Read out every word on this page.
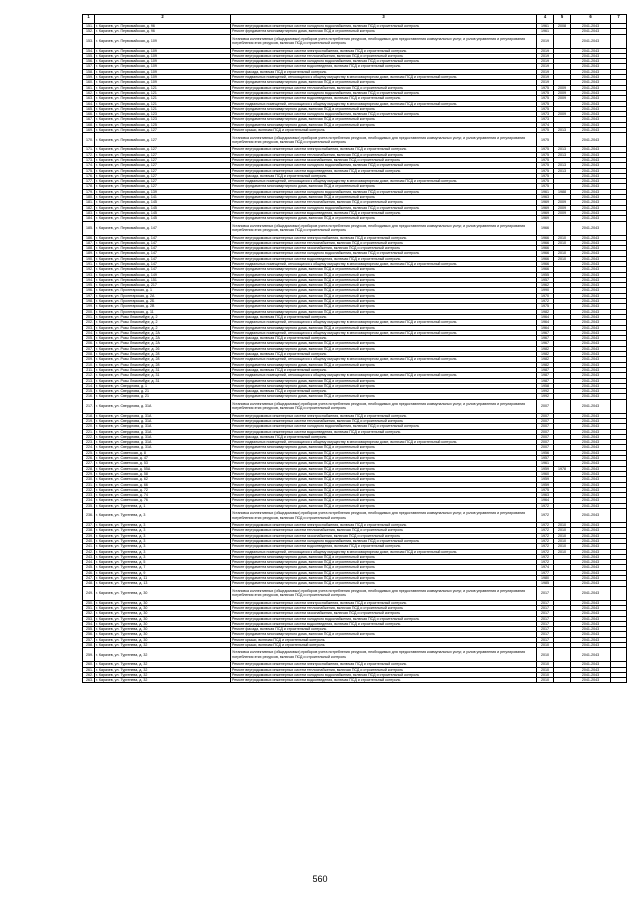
1	2	3	4	5	6	7
151.	г. Карачев, ул. Первомайская, д. 96	Ремонт внутридомовых инженерных систем холодного водоснабжения, включая ПСД и строительный контроль	1961	2008	2041-2043	
152.	г. Карачев, ул. Первомайская, д. 96	Ремонт фундамента многоквартирного дома, включая ПСД и строительный контроль	1961		2041-2043	
153.	г. Карачев, ул. Первомайская, д. 109	Установка коллективных (общедомовых) приборов учета потребления ресурсов, необходимых для предоставления коммунальных услуг, и узлов управления и регулирования потребления этих ресурсов, включая ПСД и строительный контроль	2019		2041-2043	
154.	г. Карачев, ул. Первомайская, д. 109	Ремонт внутридомовых инженерных систем электроснабжения, включая ПСД и строительный контроль	2019		2041-2043	
155.	г. Карачев, ул. Первомайская, д. 109	Ремонт внутридомовых инженерных систем теплоснабжения, включая ПСД и строительный контроль	2019		2041-2043	
156.	г. Карачев, ул. Первомайская, д. 109	Ремонт внутридомовых инженерных систем холодного водоснабжения, включая ПСД и строительный контроль	2019		2041-2043	
157.	г. Карачев, ул. Первомайская, д. 109	Ремонт внутридомовых инженерных систем водоотведения, включая ПСД и строительный контроль	2019		2041-2043	
158.	г. Карачев, ул. Первомайская, д. 109	Ремонт фасада, включая ПСД и строительный контроль	2019		2041-2043	
159.	г. Карачев, ул. Первомайская, д. 109	Ремонт подвальных помещений, относящихся к общему имуществу в многоквартирном доме, включая ПСД и строительный контроль	2019		2041-2043	
160.	г. Карачев, ул. Первомайская, д. 109	Ремонт фундамента многоквартирного дома, включая ПСД и строительный контроль	2019		2041-2043	
161.	г. Карачев, ул. Первомайская, д. 121	Ремонт внутридомовых инженерных систем теплоснабжения, включая ПСД и строительный контроль	1975	2009	2041-2043	
162.	г. Карачев, ул. Первомайская, д. 121	Ремонт внутридомовых инженерных систем холодного водоснабжения, включая ПСД и строительный контроль	1975	2009	2041-2043	
163.	г. Карачев, ул. Первомайская, д. 121	Ремонт внутридомовых инженерных систем водоотведения, включая ПСД и строительный контроль	1975	2009	2041-2043	
164.	г. Карачев, ул. Первомайская, д. 121	Ремонт подвальных помещений, относящихся к общему имуществу в многоквартирном доме, включая ПСД и строительный контроль	1975		2041-2043	
165.	г. Карачев, ул. Первомайская, д. 121	Ремонт фундамента многоквартирного дома, включая ПСД и строительный контроль	1975		2041-2043	
166.	г. Карачев, ул. Первомайская, д. 123	Ремонт внутридомовых инженерных систем холодного водоснабжения, включая ПСД и строительный контроль	1973	2009	2041-2043	
167.	г. Карачев, ул. Первомайская, д. 123	Ремонт фундамента многоквартирного дома, включая ПСД и строительный контроль	1973		2041-2043	
168.	г. Карачев, ул. Первомайская, д. 125	Ремонт фундамента многоквартирного дома, включая ПСД и строительный контроль	1974		2041-2043	
169.	г. Карачев, ул. Первомайская, д. 127	Ремонт крыши, включая ПСД и строительный контроль	1975	2013	2041-2043	
170.	г. Карачев, ул. Первомайская, д. 127	Установка коллективных (общедомовых) приборов учета потребления ресурсов, необходимых для предоставления коммунальных услуг, и узлов управления и регулирования потребления этих ресурсов, включая ПСД и строительный контроль	1975		2041-2043	
171.	г. Карачев, ул. Первомайская, д. 127	Ремонт внутридомовых инженерных систем электроснабжения, включая ПСД и строительный контроль	1975	2013	2041-2043	
172.	г. Карачев, ул. Первомайская, д. 127	Ремонт внутридомовых инженерных систем теплоснабжения, включая ПСД и строительный контроль	1975	2013	2041-2043	
173.	г. Карачев, ул. Первомайская, д. 127	Ремонт внутридомовых инженерных систем газоснабжения, включая ПСД и строительный контроль	1975		2041-2043	
174.	г. Карачев, ул. Первомайская, д. 127	Ремонт внутридомовых инженерных систем холодного водоснабжения, включая ПСД и строительный контроль	1975	2013	2041-2043	
175.	г. Карачев, ул. Первомайская, д. 127	Ремонт внутридомовых инженерных систем водоотведения, включая ПСД и строительный контроль	1975	2013	2041-2043	
176.	г. Карачев, ул. Первомайская, д. 127	Ремонт фасада, включая ПСД и строительный контроль	1975		2041-2043	
177.	г. Карачев, ул. Первомайская, д. 127	Ремонт подвальных помещений, относящихся к общему имуществу в многоквартирном доме, включая ПСД и строительный контроль	1975		2041-2043	
178.	г. Карачев, ул. Первомайская, д. 127	Ремонт фундамента многоквартирного дома, включая ПСД и строительный контроль	1975		2041-2043	
179.	г. Карачев, ул. Первомайская, д. 139	Ремонт внутридомовых инженерных систем холодного водоснабжения, включая ПСД и строительный контроль	1961	1988	2041-2043	
180.	г. Карачев, ул. Первомайская, д. 141	Ремонт фундамента многоквартирного дома, включая ПСД и строительный контроль	1963		2041-2043	
181.	г. Карачев, ул. Первомайская, д. 145	Ремонт внутридомовых инженерных систем теплоснабжения, включая ПСД и строительный контроль	1969	2009	2041-2043	
182.	г. Карачев, ул. Первомайская, д. 145	Ремонт внутридомовых инженерных систем холодного водоснабжения, включая ПСД и строительный контроль	1969	2009	2041-2043	
183.	г. Карачев, ул. Первомайская, д. 145	Ремонт внутридомовых инженерных систем водоотведения, включая ПСД и строительный контроль	1969	2009	2041-2043	
184.	г. Карачев, ул. Первомайская, д. 145	Ремонт фундамента многоквартирного дома, включая ПСД и строительный контроль	1969		2041-2043	
185.	г. Карачев, ул. Первомайская, д. 147	Установка коллективных (общедомовых) приборов учета потребления ресурсов, необходимых для предоставления коммунальных услуг, и узлов управления и регулирования потребления этих ресурсов, включая ПСД и строительный контроль	1966		2041-2043	
186.	г. Карачев, ул. Первомайская, д. 147	Ремонт внутридомовых инженерных систем электроснабжения, включая ПСД и строительный контроль	1966	2010	2041-2043	
187.	г. Карачев, ул. Первомайская, д. 147	Ремонт внутридомовых инженерных систем теплоснабжения, включая ПСД и строительный контроль	1966	2010	2041-2043	
188.	г. Карачев, ул. Первомайская, д. 147	Ремонт внутридомовых инженерных систем газоснабжения, включая ПСД и строительный контроль	1966		2041-2043	
189.	г. Карачев, ул. Первомайская, д. 147	Ремонт внутридомовых инженерных систем холодного водоснабжения, включая ПСД и строительный контроль	1966	2010	2041-2043	
190.	г. Карачев, ул. Первомайская, д. 147	Ремонт внутридомовых инженерных систем водоотведения, включая ПСД и строительный контроль	1966	2010	2041-2043	
191.	г. Карачев, ул. Первомайская, д. 147	Ремонт подвальных помещений, относящихся к общему имуществу в многоквартирном доме, включая ПСД и строительный контроль	1966		2041-2043	
192.	г. Карачев, ул. Первомайская, д. 147	Ремонт фундамента многоквартирного дома, включая ПСД и строительный контроль	1966		2041-2043	
193.	г. Карачев, ул. Первомайская, д. 149	Ремонт фундамента многоквартирного дома, включая ПСД и строительный контроль	1955		2041-2043	
194.	г. Карачев, ул. Первомайская, д. 151	Ремонт фундамента многоквартирного дома, включая ПСД и строительный контроль	1957		2041-2043	
195.	г. Карачев, ул. Первомайская, д. 217	Ремонт фундамента многоквартирного дома, включая ПСД и строительный контроль	1962		2041-2043	
196.	г. Карачев, ул. Пролетарская, д. 1	Ремонт фундамента многоквартирного дома, включая ПСД и строительный контроль	1990		2041-2043	
197.	г. Карачев, ул. Пролетарская, д. 2А	Ремонт фундамента многоквартирного дома, включая ПСД и строительный контроль	1970		2041-2043	
198.	г. Карачев, ул. Пролетарская, д. 2Б	Ремонт фундамента многоквартирного дома, включая ПСД и строительный контроль	1972		2041-2043	
199.	г. Карачев, ул. Пролетарская, д. 2В	Ремонт фундамента многоквартирного дома, включая ПСД и строительный контроль	1975		2041-2043	
200.	г. Карачев, ул. Пролетарская, д. 11	Ремонт фундамента многоквартирного дома, включая ПСД и строительный контроль	1982		2041-2043	
201.	г. Карачев, ул. Розы Люксембург, д. 2	Ремонт фасада, включая ПСД и строительный контроль	1964		2041-2043	
202.	г. Карачев, ул. Розы Люксембург, д. 2	Ремонт подвальных помещений, относящихся к общему имуществу в многоквартирном доме, включая ПСД и строительный контроль	1964		2041-2043	
203.	г. Карачев, ул. Розы Люксембург, д. 2	Ремонт фундамента многоквартирного дома, включая ПСД и строительный контроль	1964		2041-2043	
204.	г. Карачев, ул. Розы Люксембург, д. 2А	Ремонт подвальных помещений, относящихся к общему имуществу в многоквартирном доме, включая ПСД и строительный контроль	1967		2041-2043	
205.	г. Карачев, ул. Розы Люксембург, д. 2А	Ремонт фасада, включая ПСД и строительный контроль	1967		2041-2043	
206.	г. Карачев, ул. Розы Люксембург, д. 2А	Ремонт фундамента многоквартирного дома, включая ПСД и строительный контроль	1967		2041-2043	
207.	г. Карачев, ул. Розы Люксембург, д. 26	Ремонт фундамента многоквартирного дома, включая ПСД и строительный контроль	1982		2041-2043	
208.	г. Карачев, ул. Розы Люксембург, д. 28	Ремонт фасада, включая ПСД и строительный контроль	1982		2041-2043	
209.	г. Карачев, ул. Розы Люксембург, д. 28	Ремонт подвальных помещений, относящихся к общему имуществу в многоквартирном доме, включая ПСД и строительный контроль	1982		2041-2043	
210.	г. Карачев, ул. Розы Люксембург, д. 28	Ремонт фундамента многоквартирного дома, включая ПСД и строительный контроль	1982		2041-2043	
211.	г. Карачев, ул. Розы Люксембург, д. 31	Ремонт фасада, включая ПСД и строительный контроль	1987		2041-2043	
212.	г. Карачев, ул. Розы Люксембург, д. 31	Ремонт подвальных помещений, относящихся к общему имуществу в многоквартирном доме, включая ПСД и строительный контроль	1987		2041-2043	
213.	г. Карачев, ул. Розы Люксембург, д. 31	Ремонт фундамента многоквартирного дома, включая ПСД и строительный контроль	1987		2041-2043	
214.	г. Карачев, ул. Свердлова, д. 1	Ремонт фундамента многоквартирного дома, включая ПСД и строительный контроль	1958		2041-2043	
215.	г. Карачев, ул. Свердлова, д. 21	Ремонт фасада, включая ПСД и строительный контроль	1992		2041-2043	
216.	г. Карачев, ул. Свердлова, д. 21	Ремонт фундамента многоквартирного дома, включая ПСД и строительный контроль	1992		2041-2043	
217.	г. Карачев, ул. Свердлова, д. 31А	Установка коллективных (общедомовых) приборов учета потребления ресурсов, необходимых для предоставления коммунальных услуг, и узлов управления и регулирования потребления этих ресурсов, включая ПСД и строительный контроль	2007		2041-2043	
218.	г. Карачев, ул. Свердлова, д. 31А	Ремонт внутридомовых инженерных систем электроснабжения, включая ПСД и строительный контроль	2007		2041-2043	
219.	г. Карачев, ул. Свердлова, д. 31А	Ремонт внутридомовых инженерных систем теплоснабжения, включая ПСД и строительный контроль	2007		2041-2043	
220.	г. Карачев, ул. Свердлова, д. 31А	Ремонт внутридомовых инженерных систем холодного водоснабжения, включая ПСД и строительный контроль	2007		2041-2043	
221.	г. Карачев, ул. Свердлова, д. 31А	Ремонт внутридомовых инженерных систем водоотведения, включая ПСД и строительный контроль	2007		2041-2043	
222.	г. Карачев, ул. Свердлова, д. 31А	Ремонт фасада, включая ПСД и строительный контроль	2007		2041-2043	
223.	г. Карачев, ул. Свердлова, д. 31А	Ремонт подвальных помещений, относящихся к общему имуществу в многоквартирном доме, включая ПСД и строительный контроль	2007		2041-2043	
224.	г. Карачев, ул. Свердлова, д. 31А	Ремонт фундамента многоквартирного дома, включая ПСД и строительный контроль	2007		2041-2043	
225.	г. Карачев, ул. Советская, д. 8	Ремонт фундамента многоквартирного дома, включая ПСД и строительный контроль	1956		2041-2043	
226.	г. Карачев, ул. Советская, д. 47	Ремонт фундамента многоквартирного дома, включая ПСД и строительный контроль	1957		2041-2043	
227.	г. Карачев, ул. Советская, д. 53	Ремонт фундамента многоквартирного дома, включая ПСД и строительный контроль	1961		2041-2043	
228.	г. Карачев, ул. Советская, д. 55А	Ремонт фундамента многоквартирного дома, включая ПСД и строительный контроль	1959	1978	2041-2043	
229.	г. Карачев, ул. Советская, д. 58	Ремонт фундамента многоквартирного дома, включая ПСД и строительный контроль	1960		2041-2043	
230.	г. Карачев, ул. Советская, д. 62	Ремонт фундамента многоквартирного дома, включая ПСД и строительный контроль	1959		2041-2043	
231.	г. Карачев, ул. Советская, д. 66	Ремонт фундамента многоквартирного дома, включая ПСД и строительный контроль	1959		2041-2043	
232.	г. Карачев, ул. Советская, д. 72	Ремонт фундамента многоквартирного дома, включая ПСД и строительный контроль	1975		2041-2043	
233.	г. Карачев, ул. Советская, д. 74	Ремонт фундамента многоквартирного дома, включая ПСД и строительный контроль	1963		2041-2043	
234.	г. Карачев, ул. Советская, д. 76	Ремонт фундамента многоквартирного дома, включая ПСД и строительный контроль	1964		2041-2043	
235.	г. Карачев, ул. Тургенева, д. 1	Ремонт фундамента многоквартирного дома, включая ПСД и строительный контроль	1972		2041-2043	
236.	г. Карачев, ул. Тургенева, д. 3	Установка коллективных (общедомовых) приборов учета потребления ресурсов, необходимых для предоставления коммунальных услуг, и узлов управления и регулирования потребления этих ресурсов, включая ПСД и строительный контроль	1972		2041-2043	
237.	г. Карачев, ул. Тургенева, д. 3	Ремонт внутридомовых инженерных систем электроснабжения, включая ПСД и строительный контроль	1972	2010	2041-2043	
238.	г. Карачев, ул. Тургенева, д. 3	Ремонт внутридомовых инженерных систем теплоснабжения, включая ПСД и строительный контроль	1972	2010	2041-2043	
239.	г. Карачев, ул. Тургенева, д. 3	Ремонт внутридомовых инженерных систем газоснабжения, включая ПСД и строительный контроль	1972	2010	2041-2043	
240.	г. Карачев, ул. Тургенева, д. 3	Ремонт внутридомовых инженерных систем холодного водоснабжения, включая ПСД и строительный контроль	1972	2010	2041-2043	
241.	г. Карачев, ул. Тургенева, д. 3	Ремонт внутридомовых инженерных систем водоотведения, включая ПСД и строительный контроль	1972	2010	2041-2043	
242.	г. Карачев, ул. Тургенева, д. 3	Ремонт подвальных помещений, относящихся к общему имуществу в многоквартирном доме, включая ПСД и строительный контроль	1972	2010	2041-2043	
243.	г. Карачев, ул. Тургенева, д. 3	Ремонт фундамента многоквартирного дома, включая ПСД и строительный контроль	1972		2041-2043	
244.	г. Карачев, ул. Тургенева, д. 5	Ремонт фундамента многоквартирного дома, включая ПСД и строительный контроль	1972		2041-2043	
245.	г. Карачев, ул. Тургенева, д. 7	Ремонт фундамента многоквартирного дома, включая ПСД и строительный контроль	1974		2041-2043	
246.	г. Карачев, ул. Тургенева, д. 9	Ремонт фундамента многоквартирного дома, включая ПСД и строительный контроль	1977		2041-2043	
247.	г. Карачев, ул. Тургенева, д. 11	Ремонт фундамента многоквартирного дома, включая ПСД и строительный контроль	1980		2041-2043	
248.	г. Карачев, ул. Тургенева, д. 13	Ремонт фундамента многоквартирного дома, включая ПСД и строительный контроль	1985		2041-2043	
249.	г. Карачев, ул. Тургенева, д. 30	Установка коллективных (общедомовых) приборов учета потребления ресурсов, необходимых для предоставления коммунальных услуг, и узлов управления и регулирования потребления этих ресурсов, включая ПСД и строительный контроль	2017		2041-2043	
250.	г. Карачев, ул. Тургенева, д. 30	Ремонт внутридомовых инженерных систем электроснабжения, включая ПСД и строительный контроль	2017		2041-2043	
251.	г. Карачев, ул. Тургенева, д. 30	Ремонт внутридомовых инженерных систем теплоснабжения, включая ПСД и строительный контроль	2017		2041-2043	
252.	г. Карачев, ул. Тургенева, д. 30	Ремонт внутридомовых инженерных систем газоснабжения, включая ПСД и строительный контроль	2017		2041-2043	
253.	г. Карачев, ул. Тургенева, д. 30	Ремонт внутридомовых инженерных систем холодного водоснабжения, включая ПСД и строительный контроль	2017		2041-2043	
254.	г. Карачев, ул. Тургенева, д. 30	Ремонт внутридомовых инженерных систем водоотведения, включая ПСД и строительный контроль	2017		2041-2043	
255.	г. Карачев, ул. Тургенева, д. 30	Ремонт фасада, включая ПСД и строительный контроль	2017		2041-2043	
256.	г. Карачев, ул. Тургенева, д. 30	Ремонт фундамента многоквартирного дома, включая ПСД и строительный контроль	2017		2041-2043	
257.	г. Карачев, ул. Тургенева, д. 30	Ремонт крыши, включая ПСД и строительный контроль	2017		2041-2043	
258.	г. Карачев, ул. Тургенева, д. 32	Ремонт крыши, включая ПСД и строительный контроль	2010		2041-2043	
259.	г. Карачев, ул. Тургенева, д. 32	Установка коллективных (общедомовых) приборов учета потребления ресурсов, необходимых для предоставления коммунальных услуг, и узлов управления и регулирования потребления этих ресурсов, включая ПСД и строительный контроль	2010		2041-2043	
260.	г. Карачев, ул. Тургенева, д. 32	Ремонт внутридомовых инженерных систем электроснабжения, включая ПСД и строительный контроль	2010		2041-2043	
261.	г. Карачев, ул. Тургенева, д. 32	Ремонт внутридомовых инженерных систем теплоснабжения, включая ПСД и строительный контроль	2010		2041-2043	
262.	г. Карачев, ул. Тургенева, д. 32	Ремонт внутридомовых инженерных систем холодного водоснабжения, включая ПСД и строительный контроль	2010		2041-2043	
263.	г. Карачев, ул. Тургенева, д. 32	Ремонт внутридомовых инженерных систем водоотведения, включая ПСД и строительный контроль	2010		2041-2043	
560
